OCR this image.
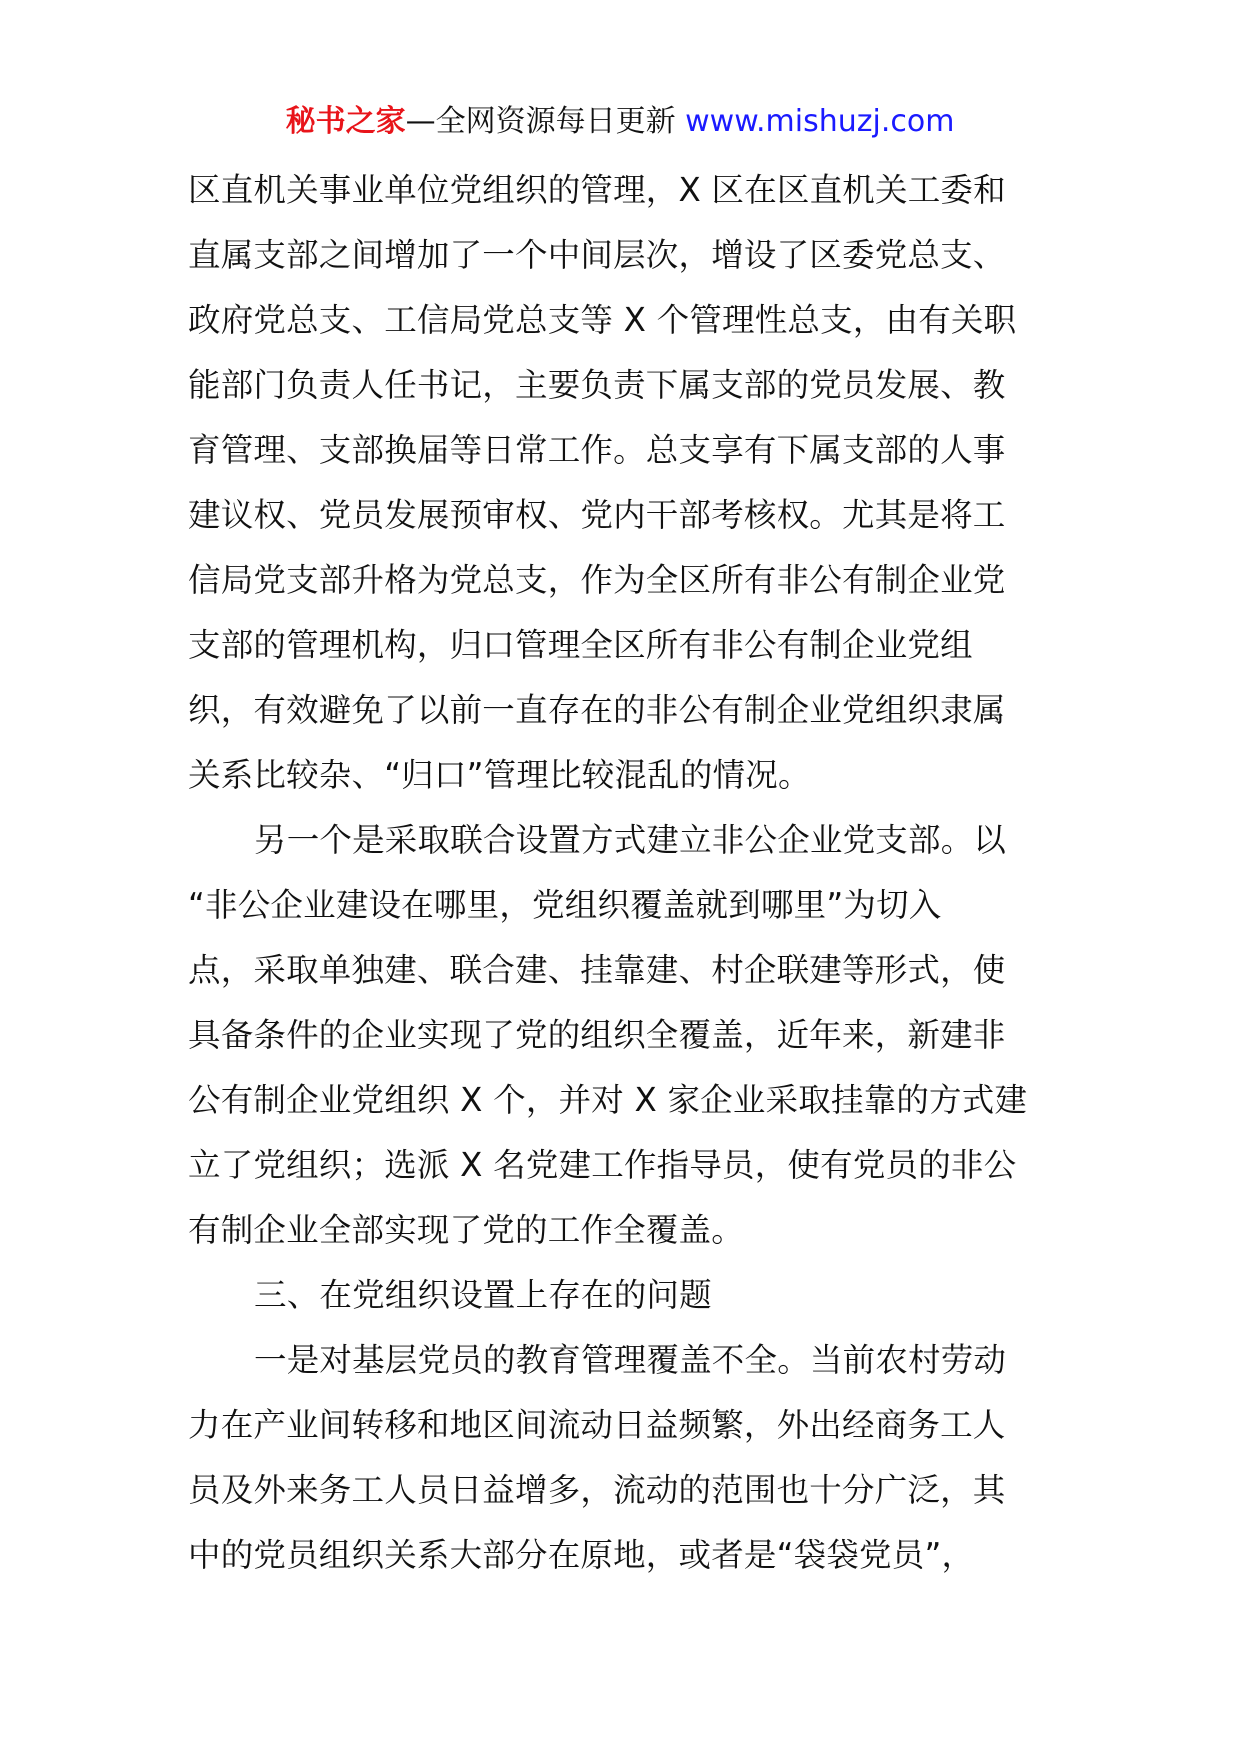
秘书之家—全网资源每日更新 www.mishuzj.com
区直机关事业单位党组织的管理，X 区在区直机关工委和
直属支部之间增加了一个中间层次，增设了区委党总支、
政府党总支、工信局党总支等 X 个管理性总支，由有关职
能部门负责人任书记，主要负责下属支部的党员发展、教
育管理、支部换届等日常工作。总支享有下属支部的人事
建议权、党员发展预审权、党内干部考核权。尤其是将工
信局党支部升格为党总支，作为全区所有非公有制企业党
支部的管理机构，归口管理全区所有非公有制企业党组
织，有效避免了以前一直存在的非公有制企业党组织隶属
关系比较杂、“归口”管理比较混乱的情况。
另一个是采取联合设置方式建立非公企业党支部。以
“非公企业建设在哪里，党组织覆盖就到哪里”为切入
点，采取单独建、联合建、挂靠建、村企联建等形式，使
具备条件的企业实现了党的组织全覆盖，近年来，新建非
公有制企业党组织 X 个，并对 X 家企业采取挂靠的方式建
立了党组织；选派 X 名党建工作指导员，使有党员的非公
有制企业全部实现了党的工作全覆盖。
三、在党组织设置上存在的问题
一是对基层党员的教育管理覆盖不全。当前农村劳动
力在产业间转移和地区间流动日益频繁，外出经商务工人
员及外来务工人员日益增多，流动的范围也十分广泛，其
中的党员组织关系大部分在原地，或者是“袋袋党员”，
